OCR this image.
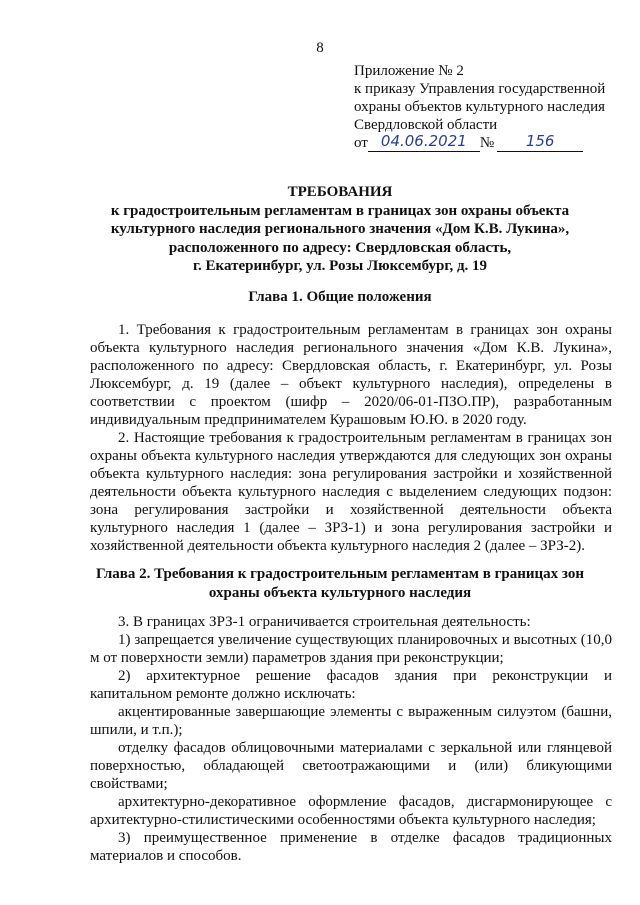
8
Приложение № 2
к приказу Управления государственной
охраны объектов культурного наследия
Свердловской области
от 04.06.2021 №	156
ТРЕБОВАНИЯ
к градостроительным регламентам в границах зон охраны объекта
культурного наследия регионального значения «Дом К.В. Лукина»,
расположенного по адресу: Свердловская область,
г. Екатеринбург, ул. Розы Люксембург, д. 19
Глава 1. Общие положения

1. Требования к градостроительным регламентам в границах зон охраны объекта культурного наследия регионального значения «Дом К.В. Лукина», расположенного по адресу: Свердловская область, г. Екатеринбург, ул. Розы Люксембург, д. 19 (далее – объект культурного наследия), определены в соответствии с проектом (шифр – 2020/06-01-ПЗО.ПР), разработанным индивидуальным предпринимателем Курашовым Ю.Ю. в 2020 году.

2. Настоящие требования к градостроительным регламентам в границах зон охраны объекта культурного наследия утверждаются для следующих зон охраны объекта культурного наследия: зона регулирования застройки и хозяйственной деятельности объекта культурного наследия с выделением следующих подзон: зона регулирования застройки и хозяйственной деятельности объекта культурного наследия 1 (далее – ЗРЗ-1) и зона регулирования застройки и хозяйственной деятельности объекта культурного наследия 2 (далее – ЗРЗ-2).

Глава 2. Требования к градостроительным регламентам в границах зон
охраны объекта культурного наследия

3. В границах ЗРЗ-1 ограничивается строительная деятельность:

1) запрещается увеличение существующих планировочных и высотных (10,0 м от поверхности земли) параметров здания при реконструкции;

2) архитектурное решение фасадов здания при реконструкции и капитальном ремонте должно исключать:

акцентированные завершающие элементы с выраженным силуэтом (башни, шпили, и т.п.);

отделку фасадов облицовочными материалами с зеркальной или глянцевой поверхностью, обладающей светоотражающими и (или) бликующими свойствами;

архитектурно-декоративное оформление фасадов, дисгармонирующее с архитектурно-стилистическими особенностями объекта культурного наследия;

3) преимущественное применение в отделке фасадов традиционных материалов и способов.
